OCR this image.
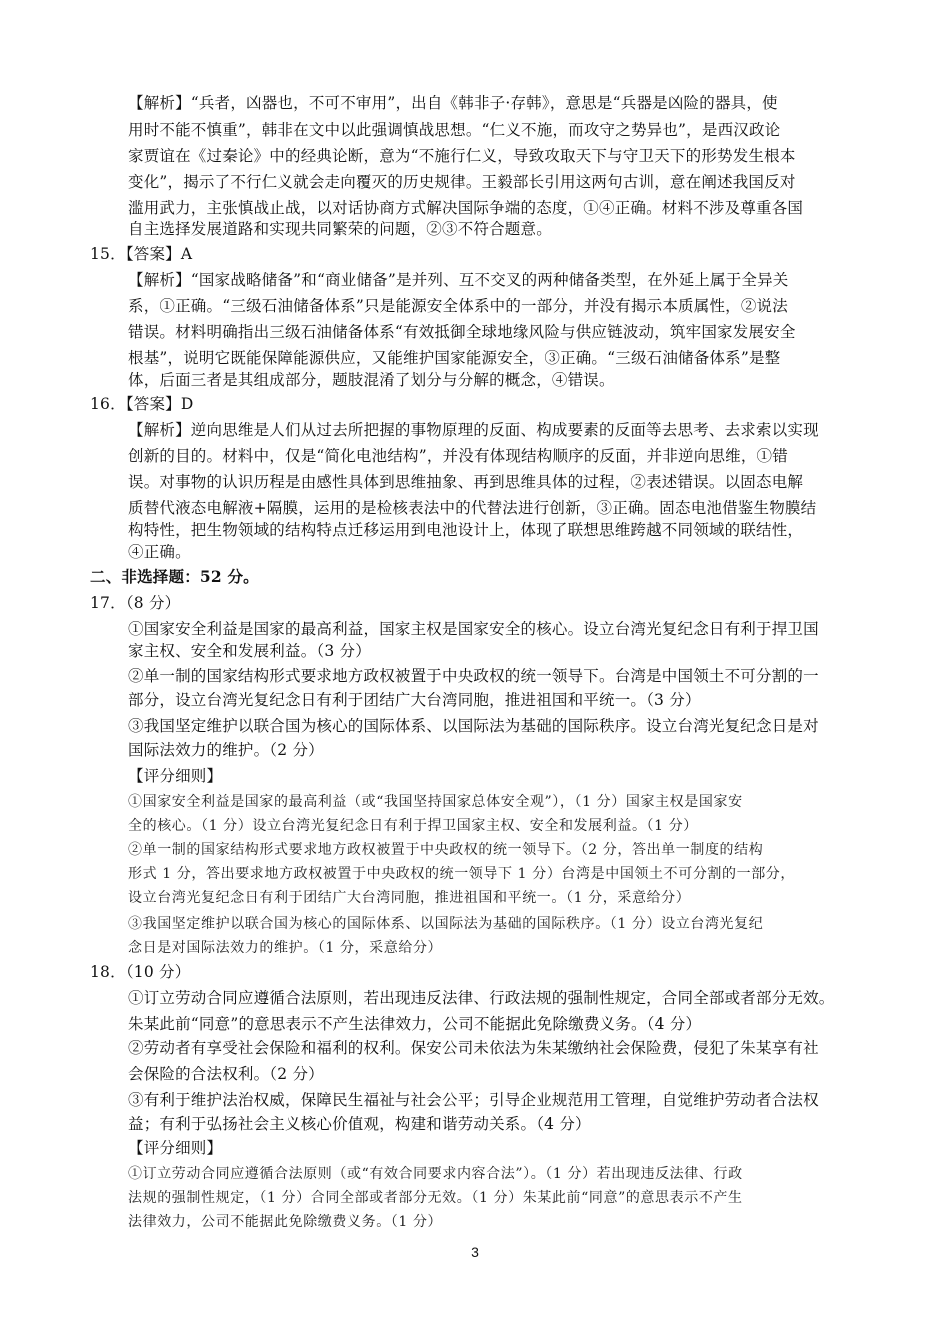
【解析】“兵者，凶器也，不可不审用”，出自《韩非子·存韩》，意思是“兵器是凶险的器具，使
用时不能不慎重”，韩非在文中以此强调慎战思想。“仁义不施，而攻守之势异也”，是西汉政论
家贾谊在《过秦论》中的经典论断，意为“不施行仁义，导致攻取天下与守卫天下的形势发生根本
变化”，揭示了不行仁义就会走向覆灭的历史规律。王毅部长引用这两句古训，意在阐述我国反对
滥用武力，主张慎战止战，以对话协商方式解决国际争端的态度，①④正确。材料不涉及尊重各国
自主选择发展道路和实现共同繁荣的问题，②③不符合题意。
15．【答案】A
【解析】“国家战略储备”和“商业储备”是并列、互不交叉的两种储备类型，在外延上属于全异关
系，①正确。“三级石油储备体系”只是能源安全体系中的一部分，并没有揭示本质属性，②说法
错误。材料明确指出三级石油储备体系“有效抵御全球地缘风险与供应链波动，筑牢国家发展安全
根基”，说明它既能保障能源供应，又能维护国家能源安全，③正确。“三级石油储备体系”是整
体，后面三者是其组成部分，题肢混淆了划分与分解的概念，④错误。
16．【答案】D
【解析】逆向思维是人们从过去所把握的事物原理的反面、构成要素的反面等去思考、去求索以实现
创新的目的。材料中，仅是“简化电池结构”，并没有体现结构顺序的反面，并非逆向思维，①错
误。对事物的认识历程是由感性具体到思维抽象、再到思维具体的过程，②表述错误。以固态电解
质替代液态电解液+隔膜，运用的是检核表法中的代替法进行创新，③正确。固态电池借鉴生物膜结
构特性，把生物领域的结构特点迁移运用到电池设计上，体现了联想思维跨越不同领域的联结性，
④正确。
二、非选择题：52 分。
17．（8 分）
①国家安全利益是国家的最高利益，国家主权是国家安全的核心。设立台湾光复纪念日有利于捍卫国
家主权、安全和发展利益。（3 分）
②单一制的国家结构形式要求地方政权被置于中央政权的统一领导下。台湾是中国领土不可分割的一
部分，设立台湾光复纪念日有利于团结广大台湾同胞，推进祖国和平统一。（3 分）
③我国坚定维护以联合国为核心的国际体系、以国际法为基础的国际秩序。设立台湾光复纪念日是对
国际法效力的维护。（2 分）
【评分细则】
①国家安全利益是国家的最高利益（或“我国坚持国家总体安全观”），（1 分）国家主权是国家安
全的核心。（1 分）设立台湾光复纪念日有利于捍卫国家主权、安全和发展利益。（1 分）
②单一制的国家结构形式要求地方政权被置于中央政权的统一领导下。（2 分，答出单一制度的结构
形式 1 分，答出要求地方政权被置于中央政权的统一领导下 1 分）台湾是中国领土不可分割的一部分，
设立台湾光复纪念日有利于团结广大台湾同胞，推进祖国和平统一。（1 分，采意给分）
③我国坚定维护以联合国为核心的国际体系、以国际法为基础的国际秩序。（1 分）设立台湾光复纪
念日是对国际法效力的维护。（1 分，采意给分）
18．（10 分）
①订立劳动合同应遵循合法原则，若出现违反法律、行政法规的强制性规定，合同全部或者部分无效。
朱某此前“同意”的意思表示不产生法律效力，公司不能据此免除缴费义务。（4 分）
②劳动者有享受社会保险和福利的权利。保安公司未依法为朱某缴纳社会保险费，侵犯了朱某享有社
会保险的合法权利。（2 分）
③有利于维护法治权威，保障民生福祉与社会公平；引导企业规范用工管理，自觉维护劳动者合法权
益；有利于弘扬社会主义核心价值观，构建和谐劳动关系。（4 分）
【评分细则】
①订立劳动合同应遵循合法原则（或“有效合同要求内容合法”）。（1 分）若出现违反法律、行政
法规的强制性规定，（1 分）合同全部或者部分无效。（1 分）朱某此前“同意”的意思表示不产生
法律效力，公司不能据此免除缴费义务。（1 分）
3
